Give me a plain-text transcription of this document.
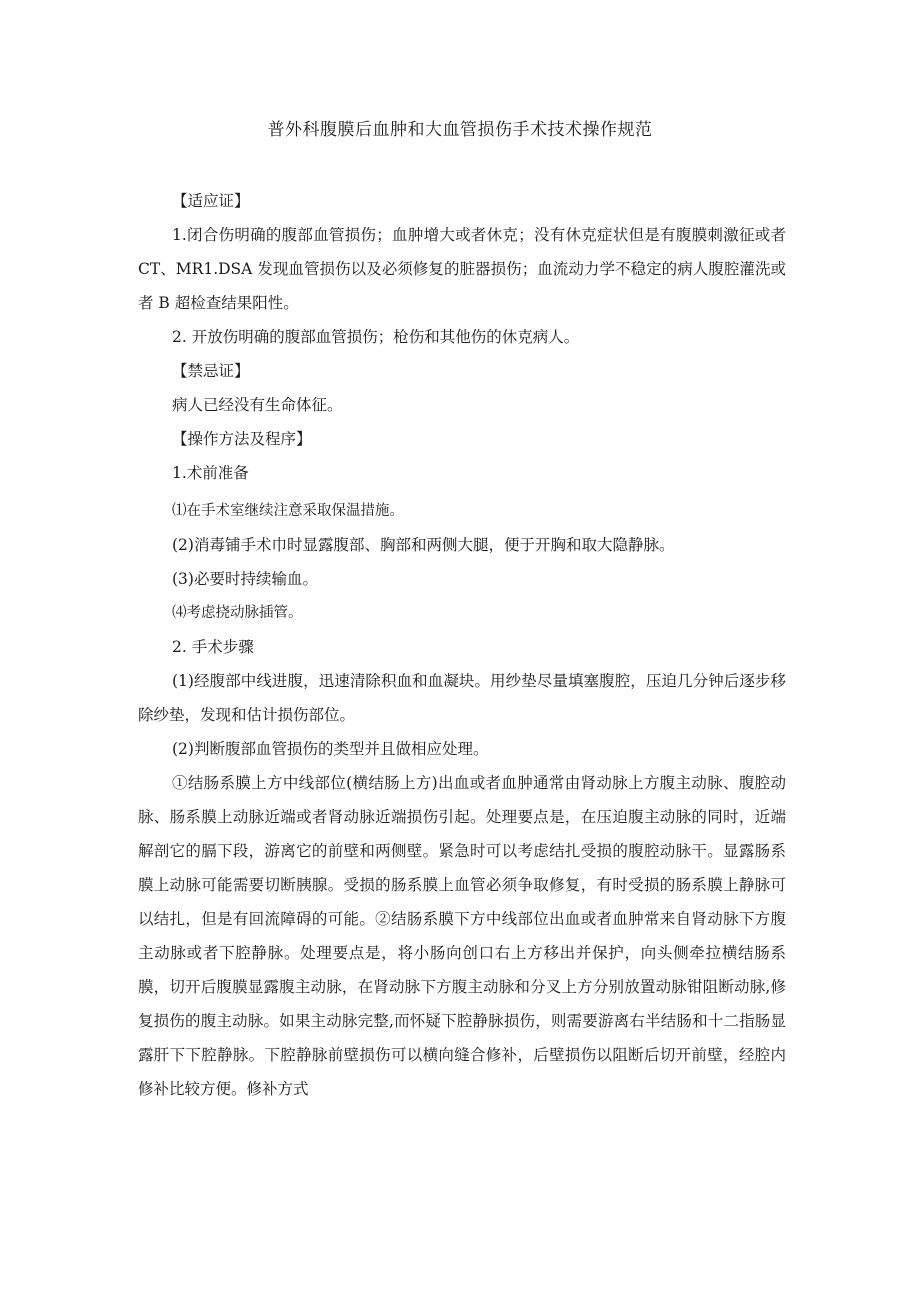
普外科腹膜后血肿和大血管损伤手术技术操作规范

【适应证】

1.闭合伤明确的腹部血管损伤；血肿增大或者休克；没有休克症状但是有腹膜刺激征或者 CT、MR1.DSA 发现血管损伤以及必须修复的脏器损伤；血流动力学不稳定的病人腹腔灌洗或者 B 超检查结果阳性。

2. 开放伤明确的腹部血管损伤；枪伤和其他伤的休克病人。

【禁忌证】

病人已经没有生命体征。

【操作方法及程序】

1.术前准备

⑴在手术室继续注意采取保温措施。

(2)消毒铺手术巾时显露腹部、胸部和两侧大腿，便于开胸和取大隐静脉。

(3)必要时持续输血。

⑷考虑挠动脉插管。

2. 手术步骤

(1)经腹部中线进腹，迅速清除积血和血凝块。用纱垫尽量填塞腹腔，压迫几分钟后逐步移除纱垫，发现和估计损伤部位。

(2)判断腹部血管损伤的类型并且做相应处理。

①结肠系膜上方中线部位(横结肠上方)出血或者血肿通常由肾动脉上方腹主动脉、腹腔动脉、肠系膜上动脉近端或者肾动脉近端损伤引起。处理要点是，在压迫腹主动脉的同时，近端解剖它的膈下段，游离它的前壁和两侧壁。紧急时可以考虑结扎受损的腹腔动脉干。显露肠系膜上动脉可能需要切断胰腺。受损的肠系膜上血管必须争取修复，有时受损的肠系膜上静脉可以结扎，但是有回流障碍的可能。②结肠系膜下方中线部位出血或者血肿常来自肾动脉下方腹主动脉或者下腔静脉。处理要点是，将小肠向创口右上方移出并保护，向头侧牵拉横结肠系膜，切开后腹膜显露腹主动脉，在肾动脉下方腹主动脉和分叉上方分别放置动脉钳阻断动脉,修复损伤的腹主动脉。如果主动脉完整,而怀疑下腔静脉损伤，则需要游离右半结肠和十二指肠显露肝下下腔静脉。下腔静脉前壁损伤可以横向缝合修补，后壁损伤以阻断后切开前壁，经腔内修补比较方便。修补方式
